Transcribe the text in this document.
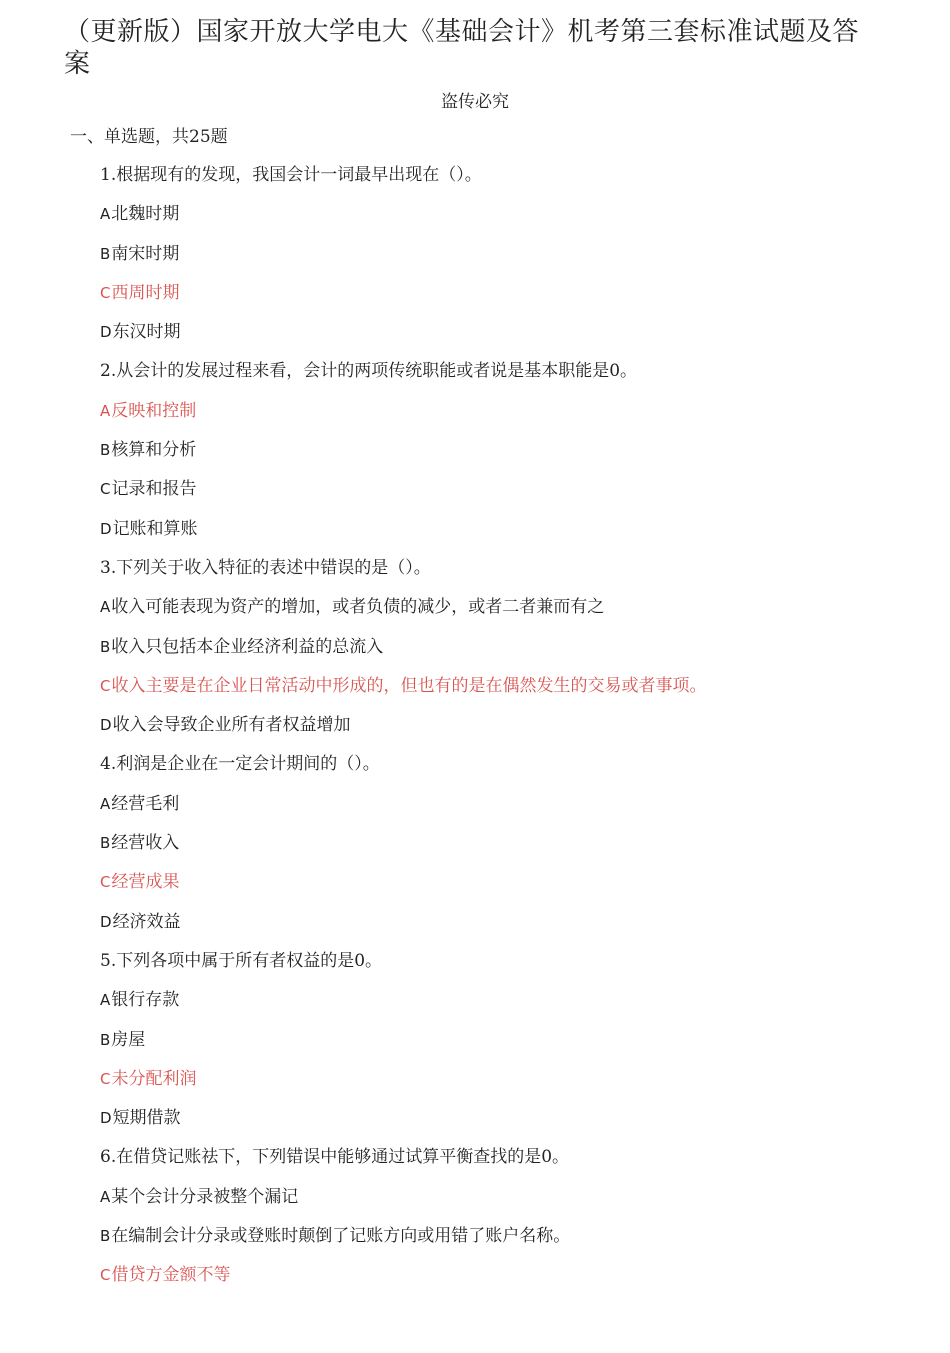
（更新版）国家开放大学电大《基础会计》机考第三套标准试题及答案
盗传必究
一、单选题，共25题
1.根据现有的发现，我国会计一词最早出现在（）。
A北魏时期
B南宋时期
C西周时期
D东汉时期
2.从会计的发展过程来看，会计的两项传统职能或者说是基本职能是0。
A反映和控制
B核算和分析
C记录和报告
D记账和算账
3.下列关于收入特征的表述中错误的是（）。
A收入可能表现为资产的增加，或者负债的减少，或者二者兼而有之
B收入只包括本企业经济利益的总流入
C收入主要是在企业日常活动中形成的，但也有的是在偶然发生的交易或者事项。
D收入会导致企业所有者权益增加
4.利润是企业在一定会计期间的（）。
A经营毛利
B经营收入
C经营成果
D经济效益
5.下列各项中属于所有者权益的是0。
A银行存款
B房屋
C未分配利润
D短期借款
6.在借贷记账祛下，下列错误中能够通过试算平衡查找的是0。
A某个会计分录被整个漏记
B在编制会计分录或登账时颠倒了记账方向或用错了账户名称。
C借贷方金额不等
